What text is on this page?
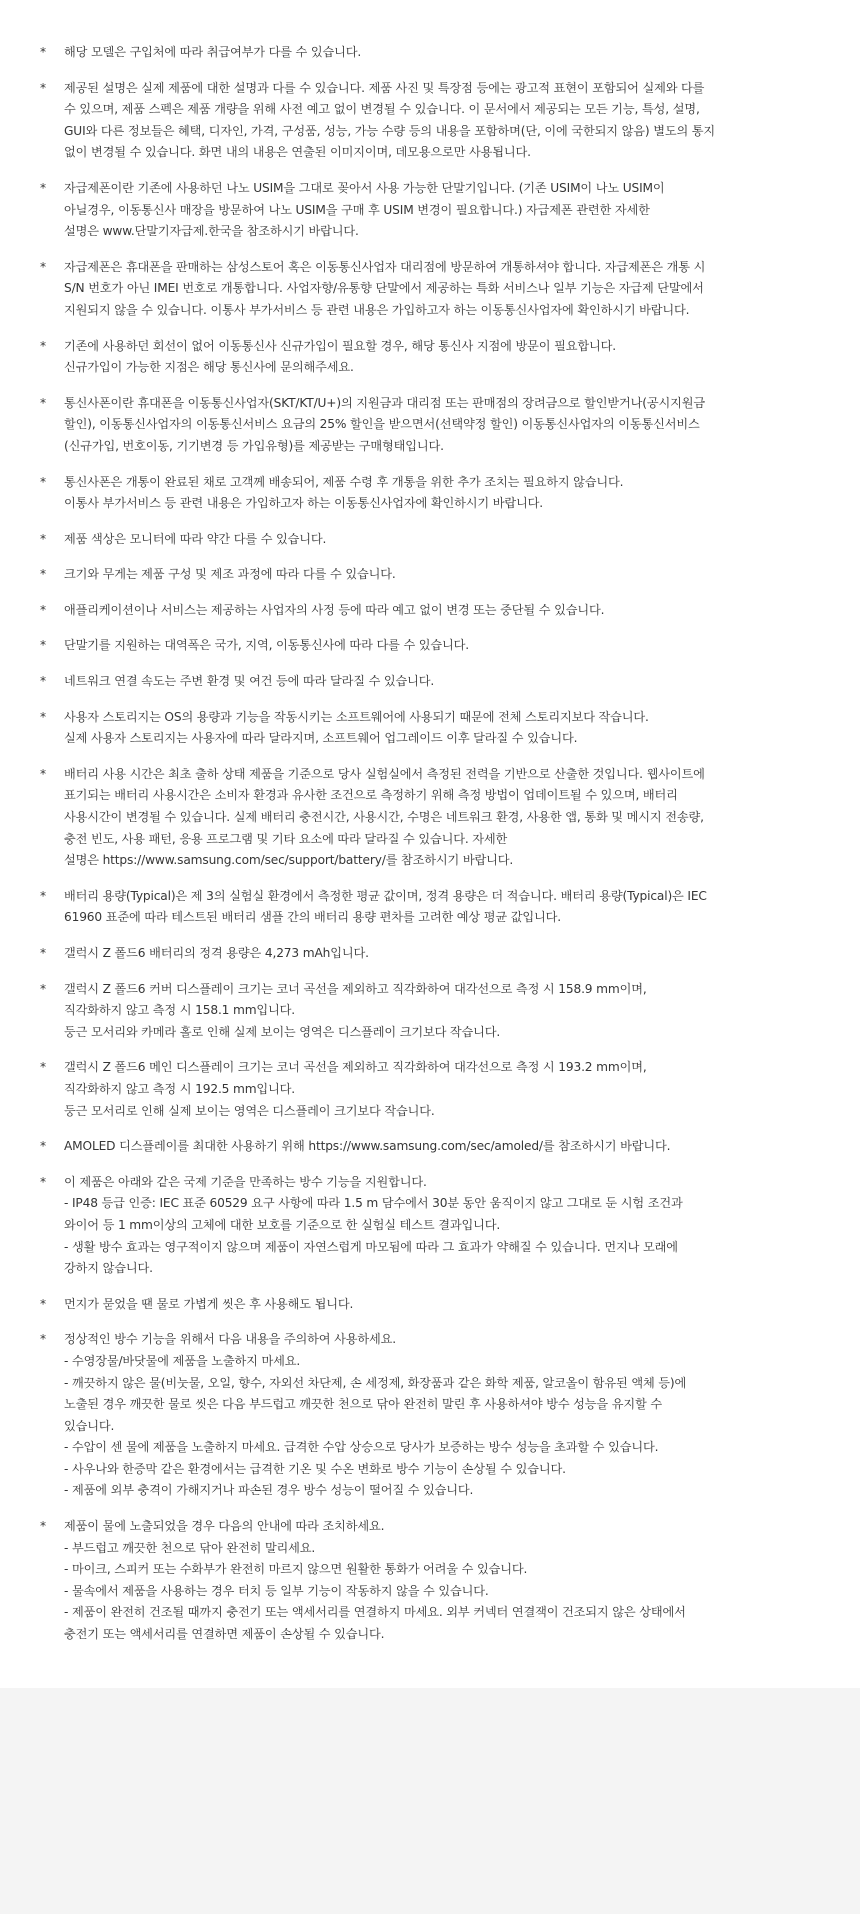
* 해당 모델은 구입처에 따라 취급여부가 다를 수 있습니다.
* 제공된 설명은 실제 제품에 대한 설명과 다를 수 있습니다. 제품 사진 및 특장점 등에는 광고적 표현이 포함되어 실제와 다를
수 있으며, 제품 스펙은 제품 개량을 위해 사전 예고 없이 변경될 수 있습니다. 이 문서에서 제공되는 모든 기능, 특성, 설명,
GUI와 다른 정보들은 혜택, 디자인, 가격, 구성품, 성능, 가능 수량 등의 내용을 포함하며(단, 이에 국한되지 않음) 별도의 통지
없이 변경될 수 있습니다. 화면 내의 내용은 연출된 이미지이며, 데모용으로만 사용됩니다.
* 자급제폰이란 기존에 사용하던 나노 USIM을 그대로 꽂아서 사용 가능한 단말기입니다. (기존 USIM이 나노 USIM이
아닐경우, 이동통신사 매장을 방문하여 나노 USIM을 구매 후 USIM 변경이 필요합니다.) 자급제폰 관련한 자세한
설명은 www.단말기자급제.한국을 참조하시기 바랍니다.
* 자급제폰은 휴대폰을 판매하는 삼성스토어 혹은 이동통신사업자 대리점에 방문하여 개통하셔야 합니다. 자급제폰은 개통 시
S/N 번호가 아닌 IMEI 번호로 개통합니다. 사업자향/유통향 단말에서 제공하는 특화 서비스나 일부 기능은 자급제 단말에서
지원되지 않을 수 있습니다. 이통사 부가서비스 등 관련 내용은 가입하고자 하는 이동통신사업자에 확인하시기 바랍니다.
* 기존에 사용하던 회선이 없어 이동통신사 신규가입이 필요할 경우, 해당 통신사 지점에 방문이 필요합니다.
신규가입이 가능한 지점은 해당 통신사에 문의해주세요.
* 통신사폰이란 휴대폰을 이동통신사업자(SKT/KT/U+)의 지원금과 대리점 또는 판매점의 장려금으로 할인받거나(공시지원금
할인), 이동통신사업자의 이동통신서비스 요금의 25% 할인을 받으면서(선택약정 할인) 이동통신사업자의 이동통신서비스
(신규가입, 번호이동, 기기변경 등 가입유형)를 제공받는 구매형태입니다.
* 통신사폰은 개통이 완료된 채로 고객께 배송되어, 제품 수령 후 개통을 위한 추가 조치는 필요하지 않습니다.
이통사 부가서비스 등 관련 내용은 가입하고자 하는 이동통신사업자에 확인하시기 바랍니다.
* 제품 색상은 모니터에 따라 약간 다를 수 있습니다.
* 크기와 무게는 제품 구성 및 제조 과정에 따라 다를 수 있습니다.
* 애플리케이션이나 서비스는 제공하는 사업자의 사정 등에 따라 예고 없이 변경 또는 중단될 수 있습니다.
* 단말기를 지원하는 대역폭은 국가, 지역, 이동통신사에 따라 다를 수 있습니다.
* 네트워크 연결 속도는 주변 환경 및 여건 등에 따라 달라질 수 있습니다.
* 사용자 스토리지는 OS의 용량과 기능을 작동시키는 소프트웨어에 사용되기 때문에 전체 스토리지보다 작습니다.
실제 사용자 스토리지는 사용자에 따라 달라지며, 소프트웨어 업그레이드 이후 달라질 수 있습니다.
* 배터리 사용 시간은 최초 출하 상태 제품을 기준으로 당사 실험실에서 측정된 전력을 기반으로 산출한 것입니다. 웹사이트에
표기되는 배터리 사용시간은 소비자 환경과 유사한 조건으로 측정하기 위해 측정 방법이 업데이트될 수 있으며, 배터리
사용시간이 변경될 수 있습니다. 실제 배터리 충전시간, 사용시간, 수명은 네트워크 환경, 사용한 앱, 통화 및 메시지 전송량,
충전 빈도, 사용 패턴, 응용 프로그램 및 기타 요소에 따라 달라질 수 있습니다. 자세한
설명은 https://www.samsung.com/sec/support/battery/를 참조하시기 바랍니다.
* 배터리 용량(Typical)은 제 3의 실험실 환경에서 측정한 평균 값이며, 정격 용량은 더 적습니다. 배터리 용량(Typical)은 IEC
61960 표준에 따라 테스트된 배터리 샘플 간의 배터리 용량 편차를 고려한 예상 평균 값입니다.
* 갤럭시 Z 폴드6 배터리의 정격 용량은 4,273 mAh입니다.
* 갤럭시 Z 폴드6 커버 디스플레이 크기는 코너 곡선을 제외하고 직각화하여 대각선으로 측정 시 158.9 mm이며,
직각화하지 않고 측정 시 158.1 mm입니다.
둥근 모서리와 카메라 홀로 인해 실제 보이는 영역은 디스플레이 크기보다 작습니다.
* 갤럭시 Z 폴드6 메인 디스플레이 크기는 코너 곡선을 제외하고 직각화하여 대각선으로 측정 시 193.2 mm이며,
직각화하지 않고 측정 시 192.5 mm입니다.
둥근 모서리로 인해 실제 보이는 영역은 디스플레이 크기보다 작습니다.
* AMOLED 디스플레이를 최대한 사용하기 위해 https://www.samsung.com/sec/amoled/를 참조하시기 바랍니다.
* 이 제품은 아래와 같은 국제 기준을 만족하는 방수 기능을 지원합니다.
- IP48 등급 인증: IEC 표준 60529 요구 사항에 따라 1.5 m 담수에서 30분 동안 움직이지 않고 그대로 둔 시험 조건과
와이어 등 1 mm이상의 고체에 대한 보호를 기준으로 한 실험실 테스트 결과입니다.
- 생활 방수 효과는 영구적이지 않으며 제품이 자연스럽게 마모됨에 따라 그 효과가 약해질 수 있습니다. 먼지나 모래에
강하지 않습니다.
* 먼지가 묻었을 땐 물로 가볍게 씻은 후 사용해도 됩니다.
* 정상적인 방수 기능을 위해서 다음 내용을 주의하여 사용하세요.
- 수영장물/바닷물에 제품을 노출하지 마세요.
- 깨끗하지 않은 물(비눗물, 오일, 향수, 자외선 차단제, 손 세정제, 화장품과 같은 화학 제품, 알코올이 함유된 액체 등)에
노출된 경우 깨끗한 물로 씻은 다음 부드럽고 깨끗한 천으로 닦아 완전히 말린 후 사용하셔야 방수 성능을 유지할 수
있습니다.
- 수압이 센 물에 제품을 노출하지 마세요. 급격한 수압 상승으로 당사가 보증하는 방수 성능을 초과할 수 있습니다.
- 사우나와 한증막 같은 환경에서는 급격한 기온 및 수온 변화로 방수 기능이 손상될 수 있습니다.
- 제품에 외부 충격이 가해지거나 파손된 경우 방수 성능이 떨어질 수 있습니다.
* 제품이 물에 노출되었을 경우 다음의 안내에 따라 조치하세요.
- 부드럽고 깨끗한 천으로 닦아 완전히 말리세요.
- 마이크, 스피커 또는 수화부가 완전히 마르지 않으면 원활한 통화가 어려울 수 있습니다.
- 물속에서 제품을 사용하는 경우 터치 등 일부 기능이 작동하지 않을 수 있습니다.
- 제품이 완전히 건조될 때까지 충전기 또는 액세서리를 연결하지 마세요. 외부 커넥터 연결잭이 건조되지 않은 상태에서
충전기 또는 액세서리를 연결하면 제품이 손상될 수 있습니다.
